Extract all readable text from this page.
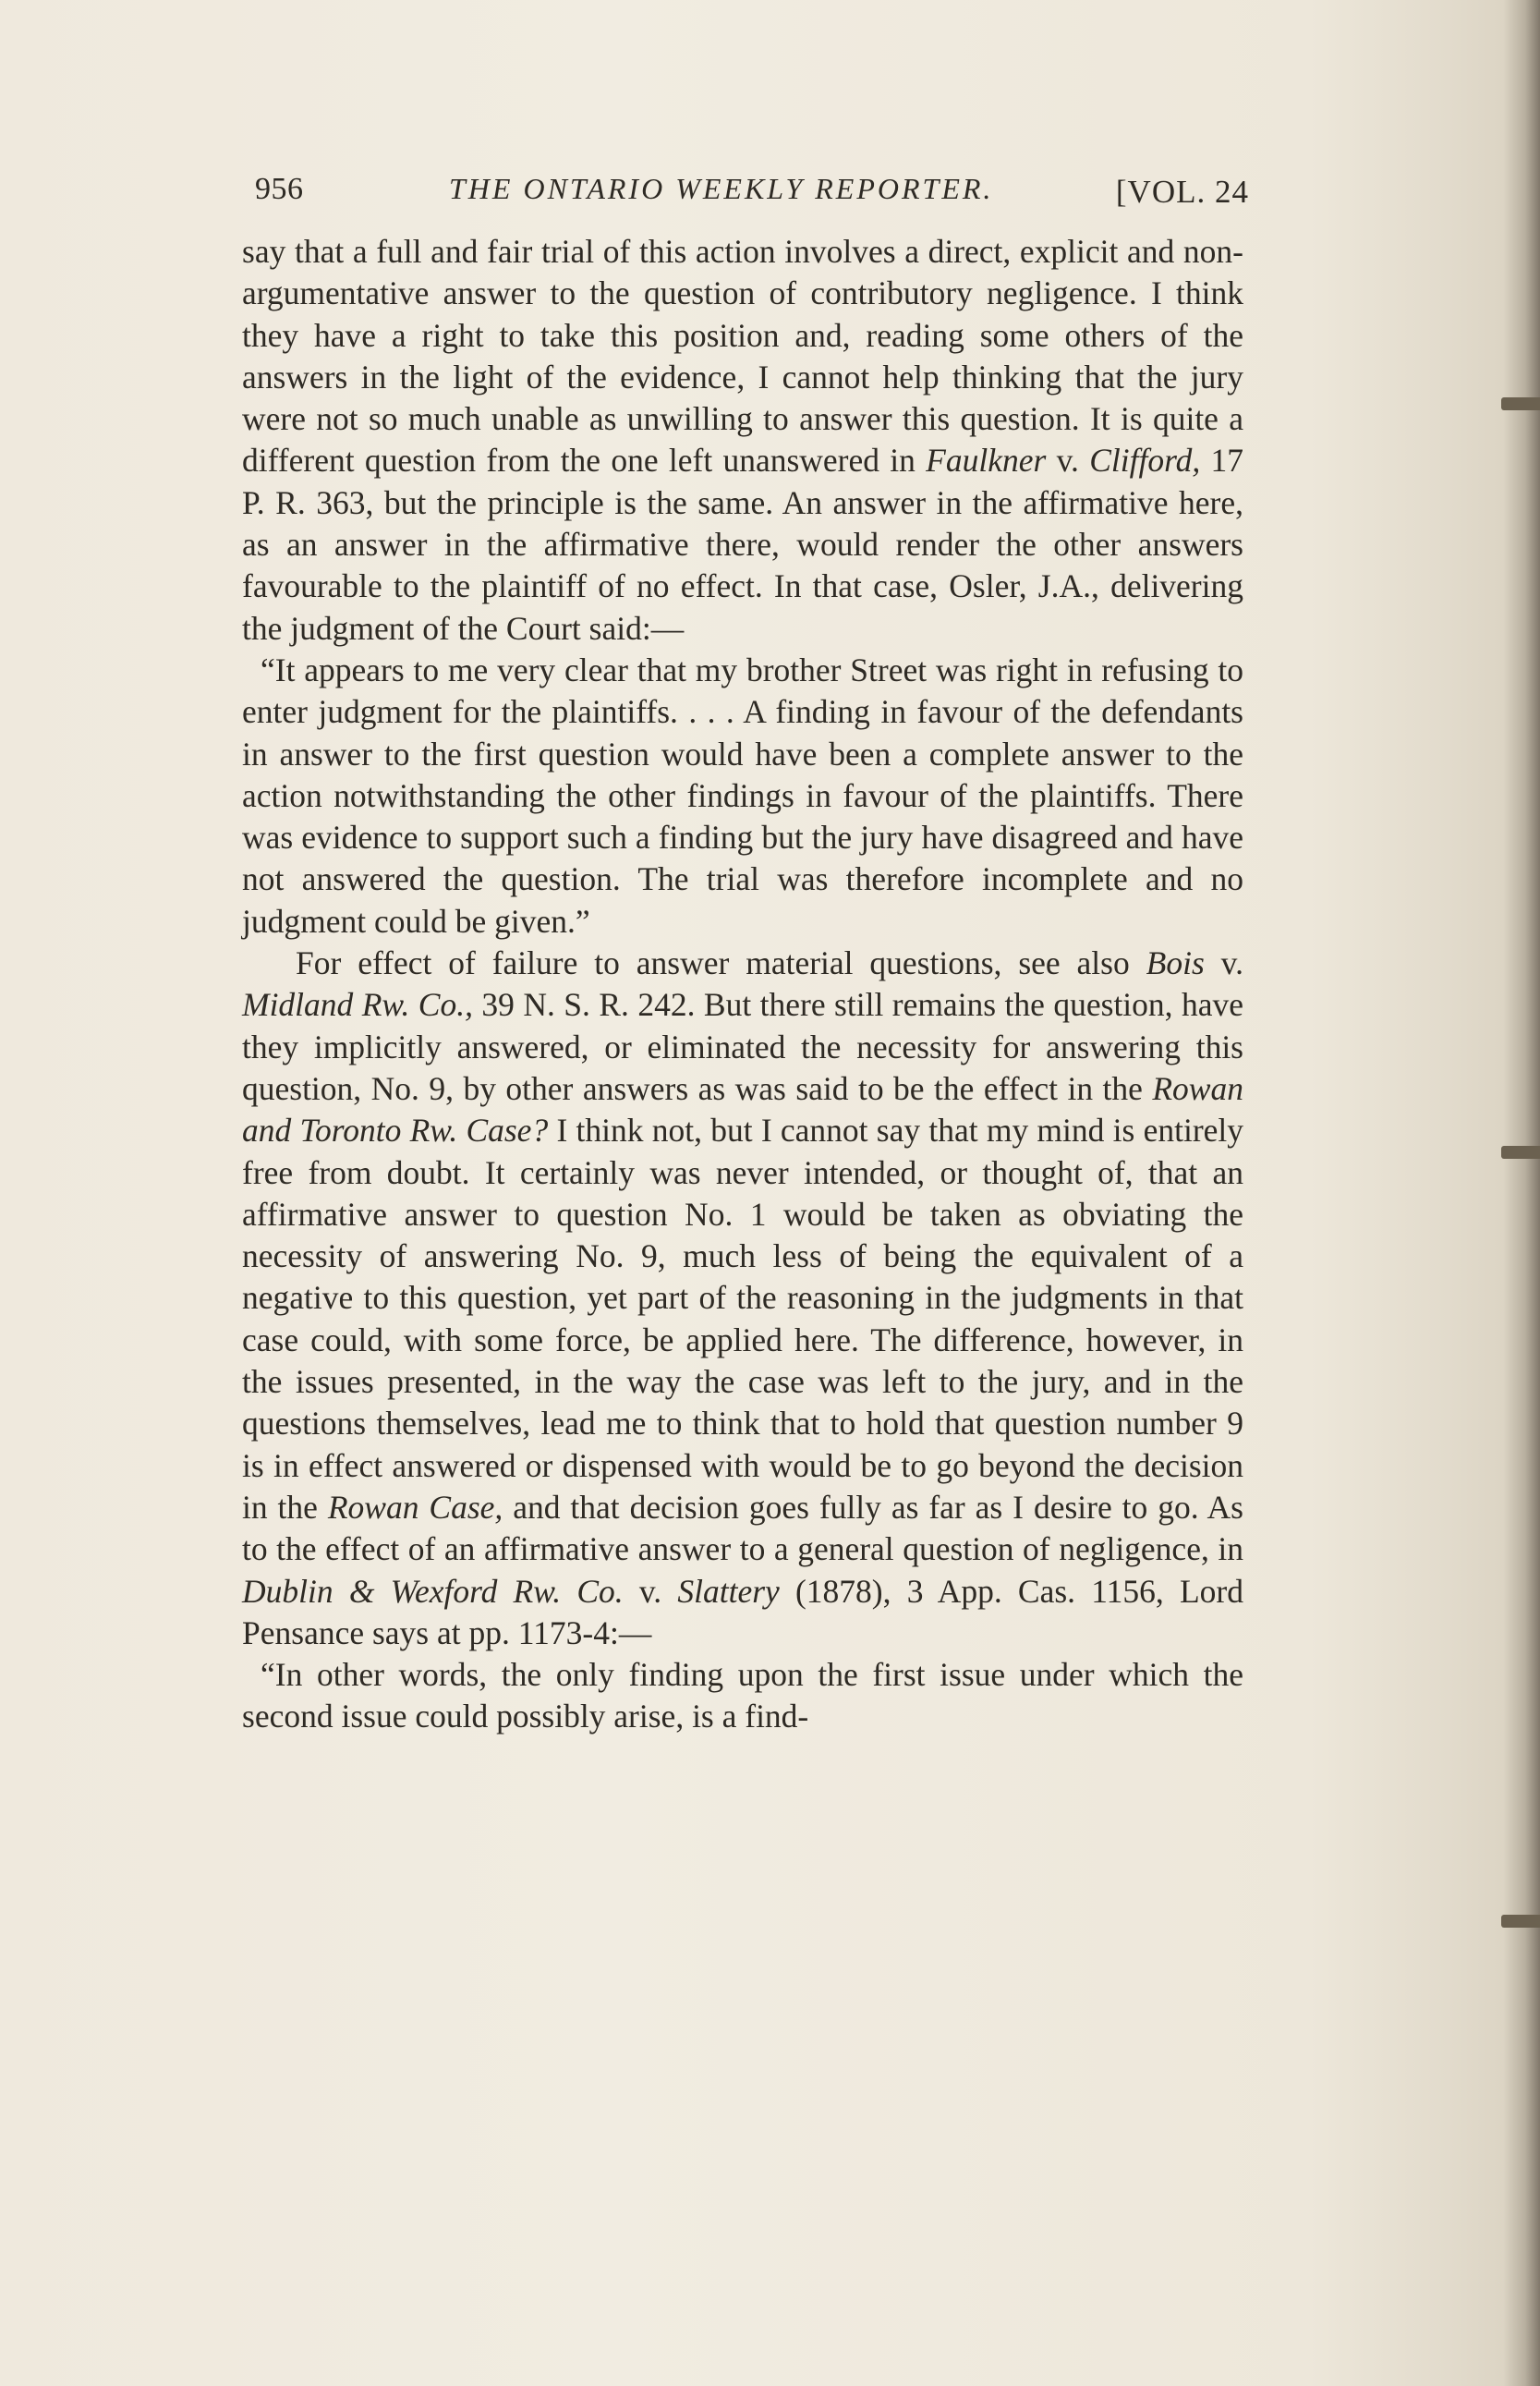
956	THE ONTARIO WEEKLY REPORTER.	[VOL. 24

say that a full and fair trial of this action involves a direct, explicit and non-argumentative answer to the question of contributory negligence. I think they have a right to take this position and, reading some others of the answers in the light of the evidence, I cannot help thinking that the jury were not so much unable as unwilling to answer this question. It is quite a different question from the one left unanswered in Faulkner v. Clifford, 17 P. R. 363, but the principle is the same. An answer in the affirmative here, as an answer in the affirmative there, would render the other answers favourable to the plaintiff of no effect. In that case, Osler, J.A., delivering the judgment of the Court said:—

“It appears to me very clear that my brother Street was right in refusing to enter judgment for the plaintiffs. . . . A finding in favour of the defendants in answer to the first question would have been a complete answer to the action notwithstanding the other findings in favour of the plaintiffs. There was evidence to support such a finding but the jury have disagreed and have not answered the question. The trial was therefore incomplete and no judgment could be given.”

For effect of failure to answer material questions, see also Bois v. Midland Rw. Co., 39 N. S. R. 242. But there still remains the question, have they implicitly answered, or eliminated the necessity for answering this question, No. 9, by other answers as was said to be the effect in the Rowan and Toronto Rw. Case? I think not, but I cannot say that my mind is entirely free from doubt. It certainly was never intended, or thought of, that an affirmative answer to question No. 1 would be taken as obviating the necessity of answering No. 9, much less of being the equivalent of a negative to this question, yet part of the reasoning in the judgments in that case could, with some force, be applied here. The difference, however, in the issues presented, in the way the case was left to the jury, and in the questions themselves, lead me to think that to hold that question number 9 is in effect answered or dispensed with would be to go beyond the decision in the Rowan Case, and that decision goes fully as far as I desire to go. As to the effect of an affirmative answer to a general question of negligence, in Dublin & Wexford Rw. Co. v. Slattery (1878), 3 App. Cas. 1156, Lord Pensance says at pp. 1173-4:—

“In other words, the only finding upon the first issue under which the second issue could possibly arise, is a find-
